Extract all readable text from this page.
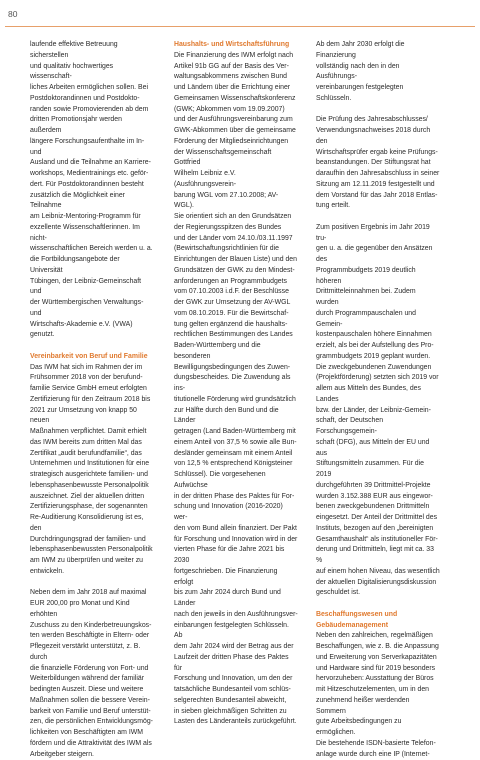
80

laufende effektive Betreuung sicherstellen
und qualitativ hochwertiges wissenschaft-
liches Arbeiten ermöglichen sollen. Bei
Postdoktorandinnen und Postdokto-
randen sowie Promovierenden ab dem
dritten Promotionsjahr werden außerdem
längere Forschungsaufenthalte im In- und
Ausland und die Teilnahme an Karriere-
workshops, Medientrainings etc. geför-
dert. Für Postdoktorandinnen besteht
zusätzlich die Möglichkeit einer Teilnahme
am Leibniz-Mentoring-Programm für
exzellente Wissenschaftlerinnen. Im nicht-
wissenschaftlichen Bereich werden u. a.
die Fortbildungsangebote der Universität
Tübingen, der Leibniz-Gemeinschaft und
der Württembergischen Verwaltungs- und
Wirtschafts-Akademie e.V. (VWA) genutzt.

Vereinbarkeit von Beruf und Familie

Das IWM hat sich im Rahmen der im
Frühsommer 2018 von der berufund-
familie Service GmbH erneut erfolgten
Zertifizierung für den Zeitraum 2018 bis
2021 zur Umsetzung von knapp 50 neuen
Maßnahmen verpflichtet. Damit erhielt
das IWM bereits zum dritten Mal das
Zertifikat „audit berufundfamilie“, das
Unternehmen und Institutionen für eine
strategisch ausgerichtete familien- und
lebensphasenbewusste Personalpolitik
auszeichnet. Ziel der aktuellen dritten
Zertifizierungsphase, der sogenannten
Re-Auditierung Konsolidierung ist es, den
Durchdringungsgrad der familien- und
lebensphasenbewussten Personalpolitik
am IWM zu überprüfen und weiter zu
entwickeln.

Neben dem im Jahr 2018 auf maximal
EUR 200,00 pro Monat und Kind erhöhten
Zuschuss zu den Kinderbetreuungskos-
ten werden Beschäftigte in Eltern- oder
Pflegezeit verstärkt unterstützt, z. B. durch
die finanzielle Förderung von Fort- und
Weiterbildungen während der familiär
bedingten Auszeit. Diese und weitere
Maßnahmen sollen die bessere Verein-
barkeit von Familie und Beruf unterstüt-
zen, die persönlichen Entwicklungsmög-
lichkeiten von Beschäftigten am IWM
fördern und die Attraktivität des IWM als
Arbeitgeber steigern.

Haushalts- und Wirtschaftsführung

Die Finanzierung des IWM erfolgt nach
Artikel 91b GG auf der Basis des Ver-
waltungsabkommens zwischen Bund
und Ländern über die Errichtung einer
Gemeinsamen Wissenschaftskonferenz
(GWK; Abkommen vom 19.09.2007)
und der Ausführungsvereinbarung zum
GWK-Abkommen über die gemeinsame
Förderung der Mitgliedseinrichtungen
der Wissenschaftsgemeinschaft Gottfried
Wilhelm Leibniz e.V. (Ausführungsverein-
barung WGL vom 27.10.2008; AV-WGL).
Sie orientiert sich an den Grundsätzen
der Regierungsspitzen des Bundes
und der Länder vom 24.10./03.11.1997
(Bewirtschaftungsrichtlinien für die
Einrichtungen der Blauen Liste) und den
Grundsätzen der GWK zu den Mindest-
anforderungen an Programmbudgets
vom 07.10.2003 i.d.F. der Beschlüsse
der GWK zur Umsetzung der AV-WGL
vom 08.10.2019. Für die Bewirtschaf-
tung gelten ergänzend die haushalts-
rechtlichen Bestimmungen des Landes
Baden-Württemberg und die besonderen
Bewilligungsbedingungen des Zuwen-
dungsbescheides. Die Zuwendung als ins-
titutionelle Förderung wird grundsätzlich
zur Hälfte durch den Bund und die Länder
getragen (Land Baden-Württemberg mit
einem Anteil von 37,5 % sowie alle Bun-
desländer gemeinsam mit einem Anteil
von 12,5 % entsprechend Königsteiner
Schlüssel). Die vorgesehenen Aufwüchse
in der dritten Phase des Paktes für For-
schung und Innovation (2016-2020) wer-
den vom Bund allein finanziert. Der Pakt
für Forschung und Innovation wird in der
vierten Phase für die Jahre 2021 bis 2030
fortgeschrieben. Die Finanzierung erfolgt
bis zum Jahr 2024 durch Bund und Länder
nach den jeweils in den Ausführungsver-
einbarungen festgelegten Schlüsseln. Ab
dem Jahr 2024 wird der Betrag aus der
Laufzeit der dritten Phase des Paktes für
Forschung und Innovation, um den der
tatsächliche Bundesanteil vom schlüs-
selgerechten Bundesanteil abweicht,
in sieben gleichmäßigen Schritten zu
Lasten des Länderanteils zurückgeführt.

Ab dem Jahr 2030 erfolgt die Finanzierung
vollständig nach den in den Ausführungs-
vereinbarungen festgelegten Schlüsseln.

Die Prüfung des Jahresabschlusses/
Verwendungsnachweises 2018 durch den
Wirtschaftsprüfer ergab keine Prüfungs-
beanstandungen. Der Stiftungsrat hat
daraufhin den Jahresabschluss in seiner
Sitzung am 12.11.2019 festgestellt und
dem Vorstand für das Jahr 2018 Entlas-
tung erteilt.

Zum positiven Ergebnis im Jahr 2019 tru-
gen u. a. die gegenüber den Ansätzen des
Programmbudgets 2019 deutlich höheren
Drittmitteleinnahmen bei. Zudem wurden
durch Programmpauschalen und Gemein-
kostenpauschalen höhere Einnahmen
erzielt, als bei der Aufstellung des Pro-
grammbudgets 2019 geplant wurden.
Die zweckgebundenen Zuwendungen
(Projektförderung) setzten sich 2019 vor
allem aus Mitteln des Bundes, des Landes
bzw. der Länder, der Leibniz-Gemein-
schaft, der Deutschen Forschungsgemein-
schaft (DFG), aus Mitteln der EU und aus
Stiftungsmitteln zusammen. Für die 2019
durchgeführten 39 Drittmittel-Projekte
wurden 3.152.388 EUR aus eingewor-
benen zweckgebundenen Drittmitteln
eingesetzt. Der Anteil der Drittmittel des
Instituts, bezogen auf den „bereinigten
Gesamthaushalt“ als institutioneller För-
derung und Drittmitteln, liegt mit ca. 33 %
auf einem hohen Niveau, das wesentlich
der aktuellen Digitalisierungsdiskussion
geschuldet ist.

Beschaffungswesen und
Gebäudemanagement

Neben den zahlreichen, regelmäßigen
Beschaffungen, wie z. B. die Anpassung
und Erweiterung von Serverkapazitäten
und Hardware sind für 2019 besonders
hervorzuheben: Ausstattung der Büros
mit Hitzeschutzelementen, um in den
zunehmend heißer werdenden Sommern
gute Arbeitsbedingungen zu ermöglichen.
Die bestehende ISDN-basierte Telefon-
anlage wurde durch eine IP (Internet-
